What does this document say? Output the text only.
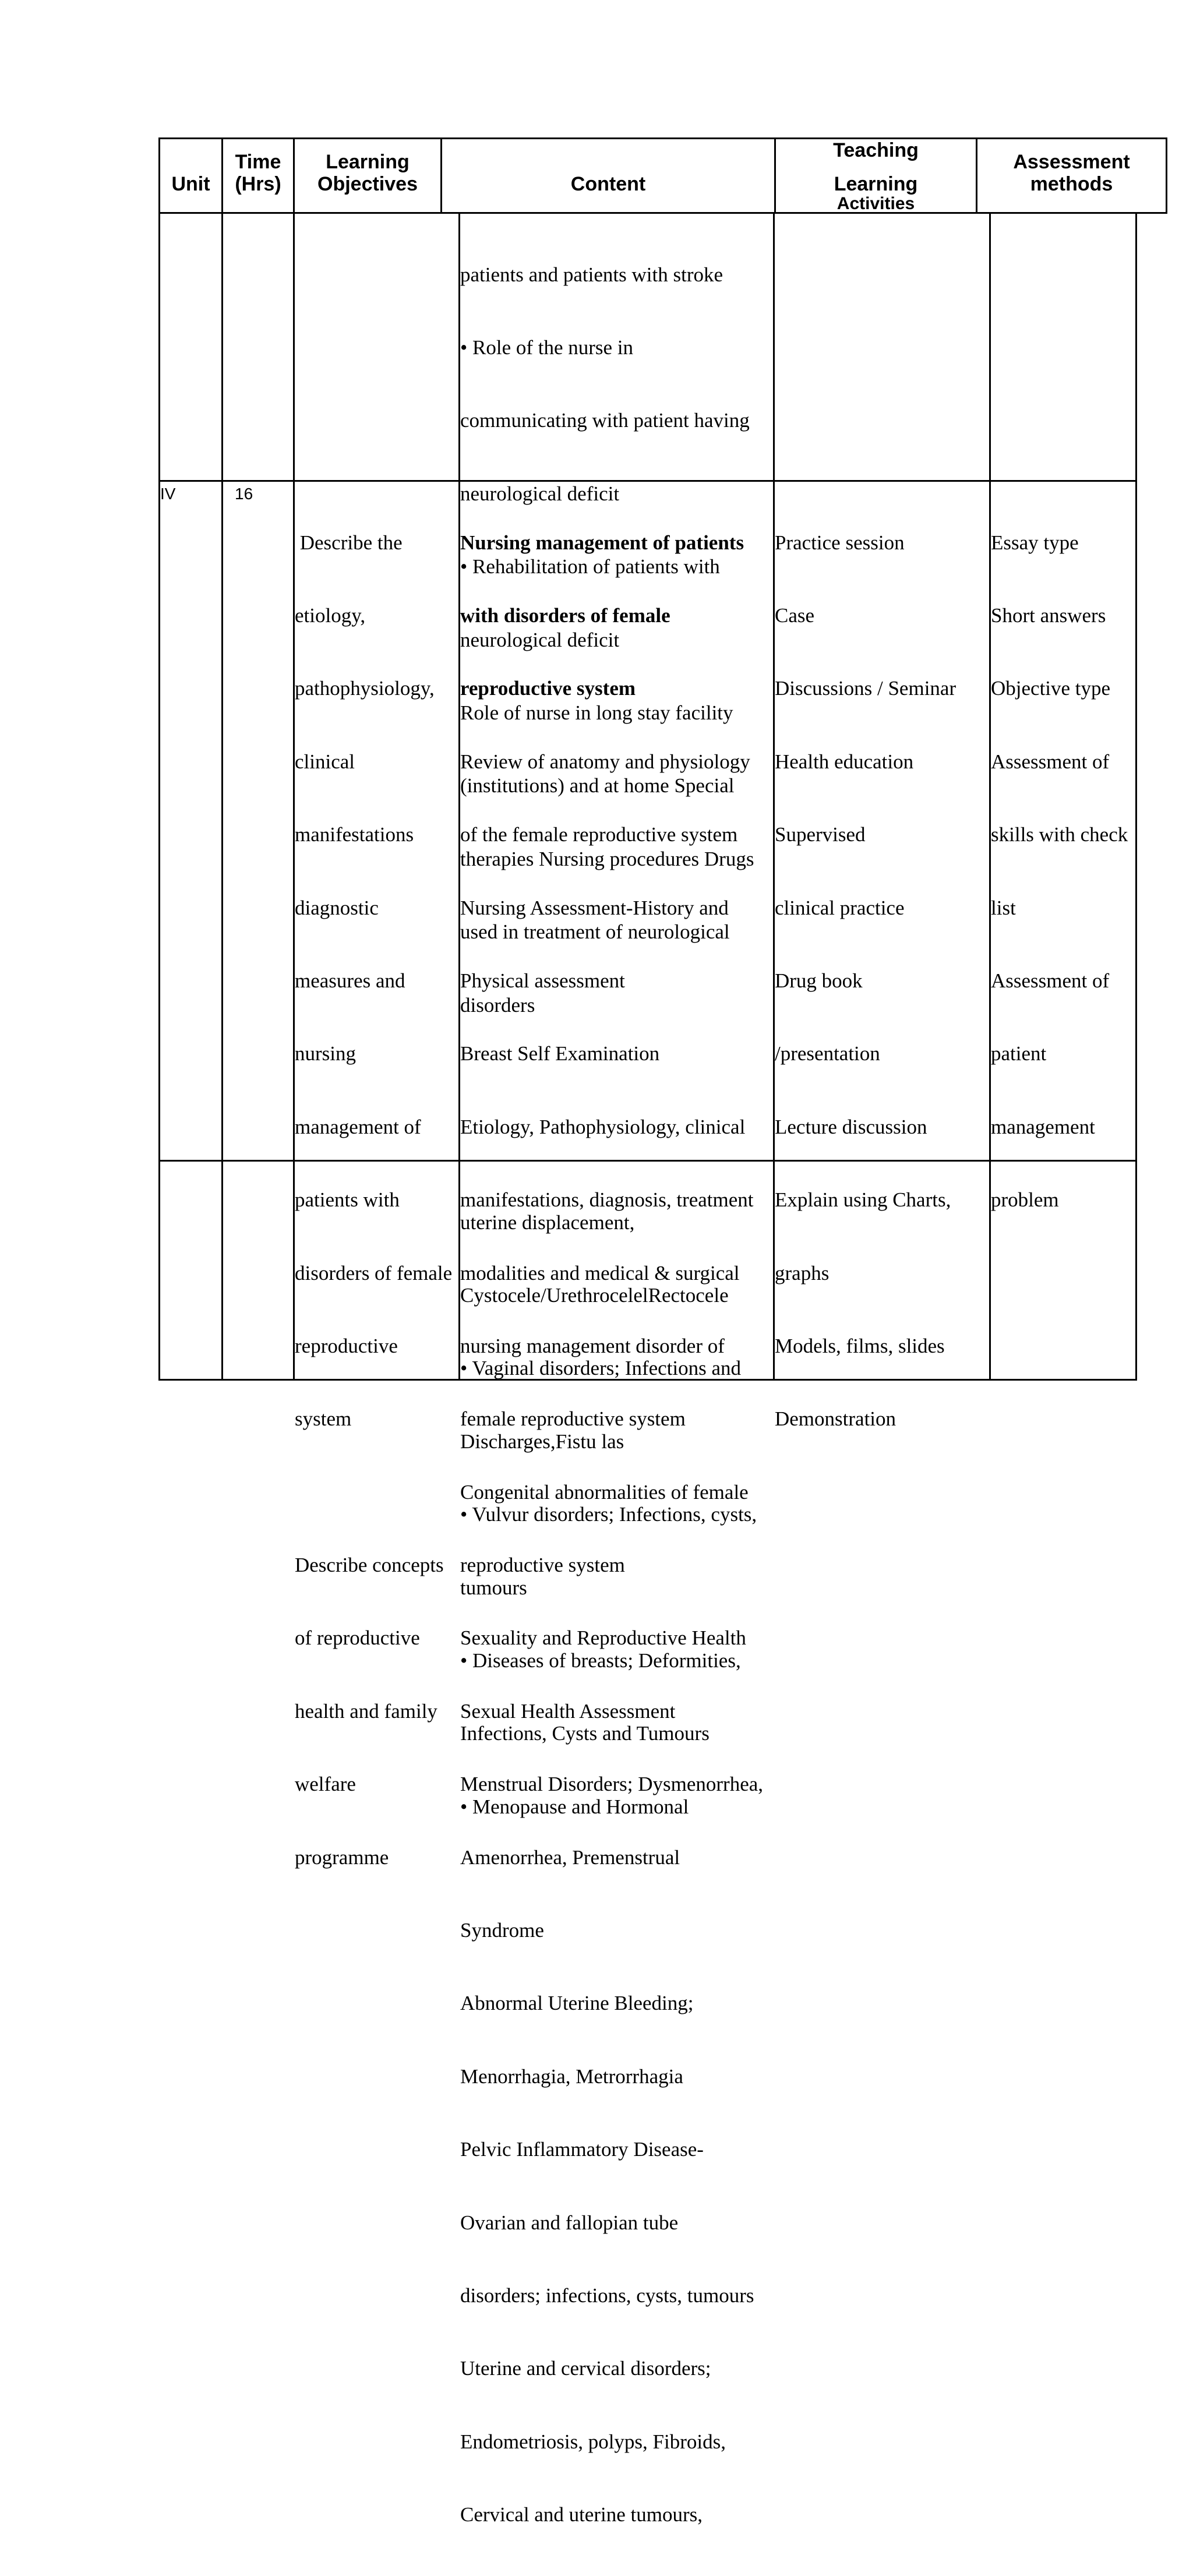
Unit
Time
(Hrs)
Learning
Objectives	Content
Teaching
Learning
Activities
Assessment
methods

patients and patients with stroke

• Role of the nurse in

communicating with patient having

neurological deficit

• Rehabilitation of patients with

neurological deficit

Role of nurse in long stay facility

(institutions) and at home Special

therapies Nursing procedures Drugs

used in treatment of neurological

disorders

IV	16

Describe the

etiology,

pathophysiology,

clinical

manifestations

diagnostic

measures and

nursing

management of

patients with

disorders of female

reproductive

system

Describe concepts

of reproductive

health and family

welfare

programme

Nursing management of patients

with disorders of female

reproductive system

Review of anatomy and physiology

of the female reproductive system

Nursing Assessment-History and

Physical assessment

Breast Self Examination

Etiology, Pathophysiology, clinical

manifestations, diagnosis, treatment

modalities and medical & surgical

nursing management disorder of

female reproductive system

Congenital abnormalities of female

reproductive system

Sexuality and Reproductive Health

Sexual Health Assessment

Menstrual Disorders; Dysmenorrhea,

Amenorrhea, Premenstrual

Syndrome

Abnormal Uterine Bleeding;

Menorrhagia, Metrorrhagia

Pelvic Inflammatory Disease-

Ovarian and fallopian tube

disorders; infections, cysts, tumours

Uterine and cervical disorders;

Endometriosis, polyps, Fibroids,

Cervical and uterine tumours,

Practice session

Case

Discussions / Seminar

Health education

Supervised

clinical practice

Drug book

/presentation

Lecture discussion

Explain using Charts,

graphs

Models, films, slides

Demonstration

Essay type

Short answers

Objective type

Assessment of

skills with check

list

Assessment of

patient

management

problem

uterine displacement,

Cystocele/UrethrocelelRectocele

• Vaginal disorders; Infections and

Discharges,Fistu las

• Vulvur disorders; Infections, cysts,

tumours

• Diseases of breasts; Deformities,

Infections, Cysts and Tumours

• Menopause and Hormonal
